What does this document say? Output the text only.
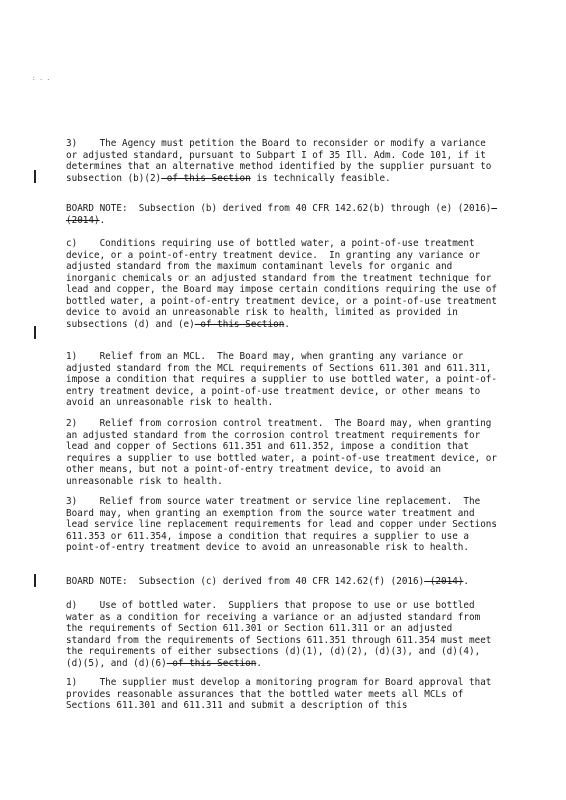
: . .
3)    The Agency must petition the Board to reconsider or modify a variance or adjusted standard, pursuant to Subpart I of 35 Ill. Adm. Code 101, if it determines that an alternative method identified by the supplier pursuant to subsection (b)(2) of this Section is technically feasible.
BOARD NOTE:  Subsection (b) derived from 40 CFR 142.62(b) through (e) (2016) (2014).
c)    Conditions requiring use of bottled water, a point-of-use treatment device, or a point-of-entry treatment device.  In granting any variance or adjusted standard from the maximum contaminant levels for organic and inorganic chemicals or an adjusted standard from the treatment technique for lead and copper, the Board may impose certain conditions requiring the use of bottled water, a point-of-entry treatment device, or a point-of-use treatment device to avoid an unreasonable risk to health, limited as provided in subsections (d) and (e) of this Section.
1)    Relief from an MCL.  The Board may, when granting any variance or adjusted standard from the MCL requirements of Sections 611.301 and 611.311, impose a condition that requires a supplier to use bottled water, a point-of-entry treatment device, a point-of-use treatment device, or other means to avoid an unreasonable risk to health.
2)    Relief from corrosion control treatment.  The Board may, when granting an adjusted standard from the corrosion control treatment requirements for lead and copper of Sections 611.351 and 611.352, impose a condition that requires a supplier to use bottled water, a point-of-use treatment device, or other means, but not a point-of-entry treatment device, to avoid an unreasonable risk to health.
3)    Relief from source water treatment or service line replacement.  The Board may, when granting an exemption from the source water treatment and lead service line replacement requirements for lead and copper under Sections 611.353 or 611.354, impose a condition that requires a supplier to use a point-of-entry treatment device to avoid an unreasonable risk to health.
BOARD NOTE:  Subsection (c) derived from 40 CFR 142.62(f) (2016) (2014).
d)    Use of bottled water.  Suppliers that propose to use or use bottled water as a condition for receiving a variance or an adjusted standard from the requirements of Section 611.301 or Section 611.311 or an adjusted standard from the requirements of Sections 611.351 through 611.354 must meet the requirements of either subsections (d)(1), (d)(2), (d)(3), and (d)(4), (d)(5), and (d)(6) of this Section.
1)    The supplier must develop a monitoring program for Board approval that provides reasonable assurances that the bottled water meets all MCLs of Sections 611.301 and 611.311 and submit a description of this
